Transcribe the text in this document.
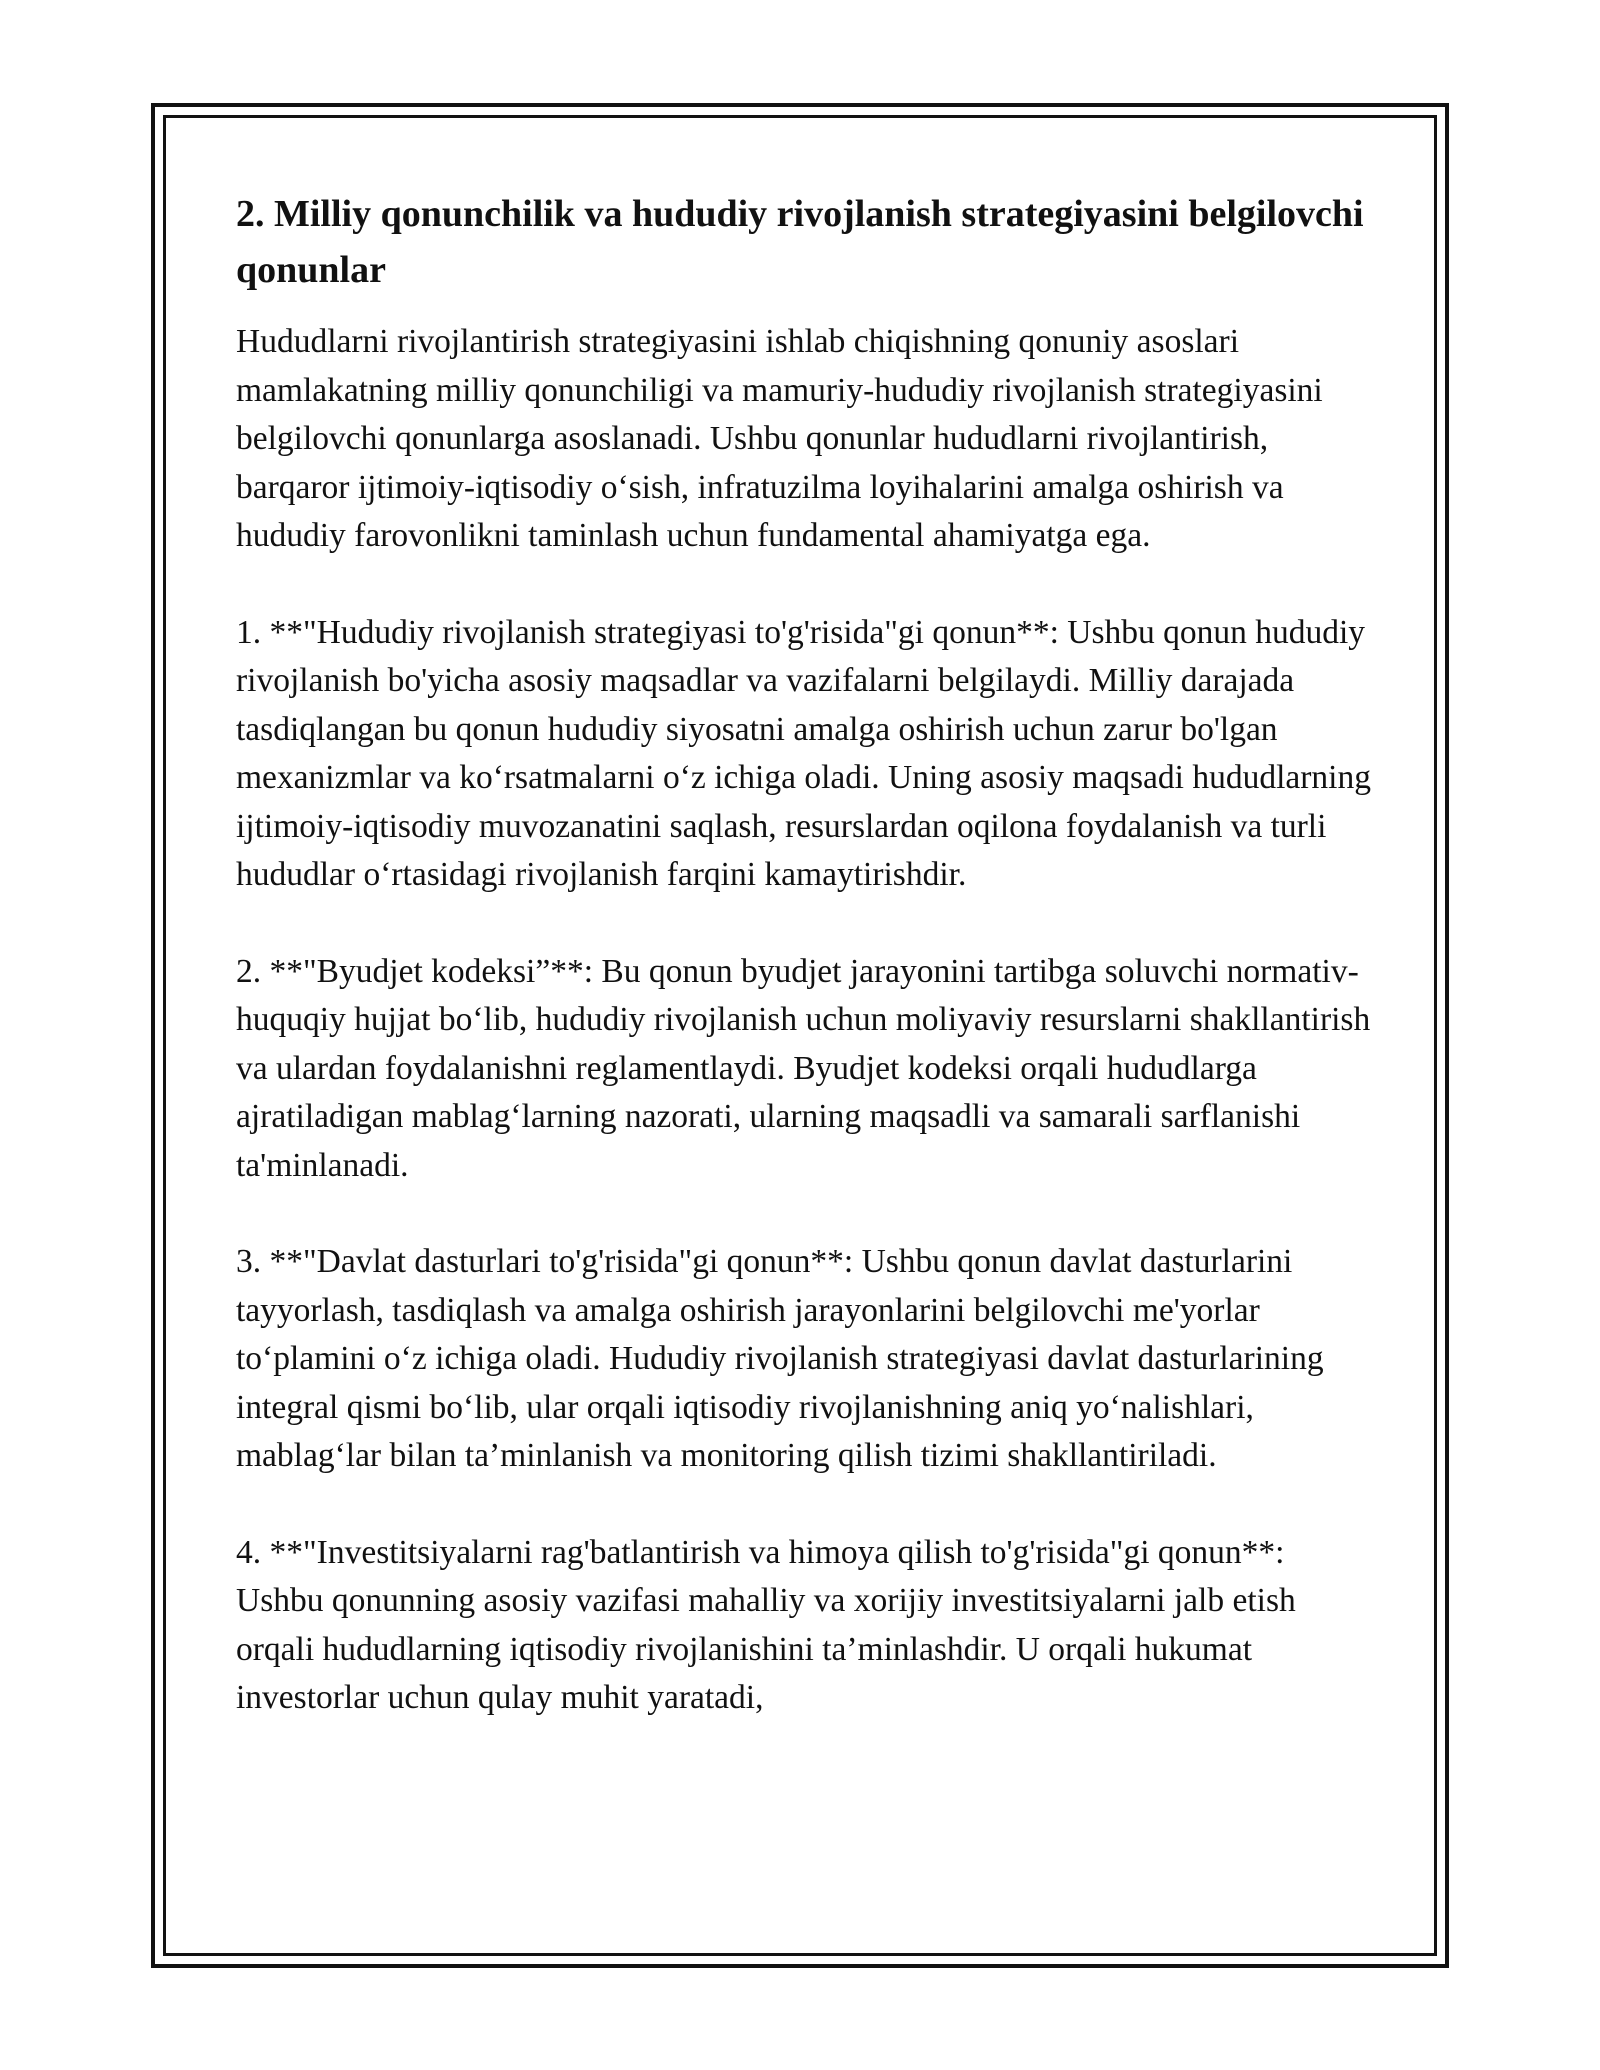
2. Milliy qonunchilik va hududiy rivojlanish strategiyasini belgilovchi qonunlar

Hududlarni rivojlantirish strategiyasini ishlab chiqishning qonuniy asoslari mamlakatning milliy qonunchiligi va mamuriy-hududiy rivojlanish strategiyasini belgilovchi qonunlarga asoslanadi. Ushbu qonunlar hududlarni rivojlantirish, barqaror ijtimoiy-iqtisodiy o‘sish, infratuzilma loyihalarini amalga oshirish va hududiy farovonlikni taminlash uchun fundamental ahamiyatga ega.

1. **"Hududiy rivojlanish strategiyasi to'g'risida"gi qonun**: Ushbu qonun hududiy rivojlanish bo'yicha asosiy maqsadlar va vazifalarni belgilaydi. Milliy darajada tasdiqlangan bu qonun hududiy siyosatni amalga oshirish uchun zarur bo'lgan mexanizmlar va ko‘rsatmalarni o‘z ichiga oladi. Uning asosiy maqsadi hududlarning ijtimoiy-iqtisodiy muvozanatini saqlash, resurslardan oqilona foydalanish va turli hududlar o‘rtasidagi rivojlanish farqini kamaytirishdir.

2. **"Byudjet kodeksi”**: Bu qonun byudjet jarayonini tartibga soluvchi normativ-huquqiy hujjat bo‘lib, hududiy rivojlanish uchun moliyaviy resurslarni shakllantirish va ulardan foydalanishni reglamentlaydi. Byudjet kodeksi orqali hududlarga ajratiladigan mablag‘larning nazorati, ularning maqsadli va samarali sarflanishi ta'minlanadi.

3. **"Davlat dasturlari to'g'risida"gi qonun**: Ushbu qonun davlat dasturlarini tayyorlash, tasdiqlash va amalga oshirish jarayonlarini belgilovchi me'yorlar to‘plamini o‘z ichiga oladi. Hududiy rivojlanish strategiyasi davlat dasturlarining integral qismi bo‘lib, ular orqali iqtisodiy rivojlanishning aniq yo‘nalishlari, mablag‘lar bilan ta’minlanish va monitoring qilish tizimi shakllantiriladi.

4. **"Investitsiyalarni rag'batlantirish va himoya qilish to'g'risida"gi qonun**: Ushbu qonunning asosiy vazifasi mahalliy va xorijiy investitsiyalarni jalb etish orqali hududlarning iqtisodiy rivojlanishini ta’minlashdir. U orqali hukumat investorlar uchun qulay muhit yaratadi,
